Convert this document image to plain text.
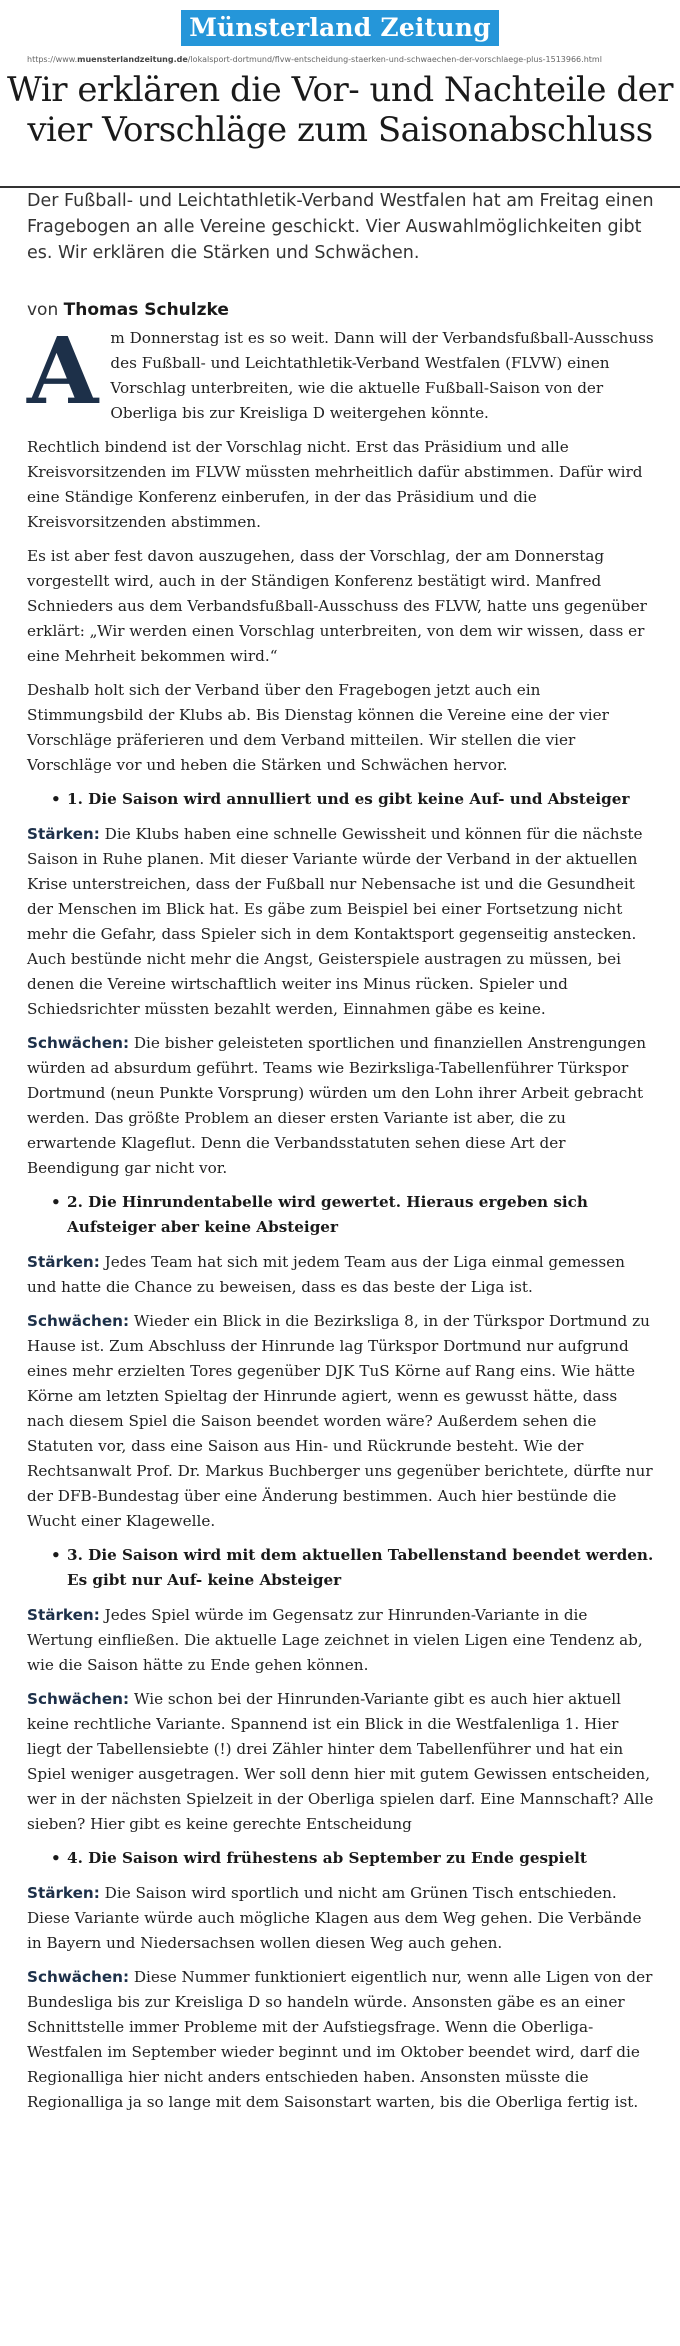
Münsterland Zeitung
https://www.muensterlandzeitung.de/lokalsport-dortmund/flvw-entscheidung-staerken-und-schwaechen-der-vorschlaege-plus-1513966.html
Wir erklären die Vor- und Nachteile der vier Vorschläge zum Saisonabschluss
Der Fußball- und Leichtathletik-Verband Westfalen hat am Freitag einen Fragebogen an alle Vereine geschickt. Vier Auswahlmöglichkeiten gibt es. Wir erklären die Stärken und Schwächen.
von Thomas Schulzke

Am Donnerstag ist es so weit. Dann will der Verbandsfußball-Ausschuss des Fußball- und Leichtathletik-Verband Westfalen (FLVW) einen Vorschlag unterbreiten, wie die aktuelle Fußball-Saison von der Oberliga bis zur Kreisliga D weitergehen könnte.

Rechtlich bindend ist der Vorschlag nicht. Erst das Präsidium und alle Kreisvorsitzenden im FLVW müssten mehrheitlich dafür abstimmen. Dafür wird eine Ständige Konferenz einberufen, in der das Präsidium und die Kreisvorsitzenden abstimmen.

Es ist aber fest davon auszugehen, dass der Vorschlag, der am Donnerstag vorgestellt wird, auch in der Ständigen Konferenz bestätigt wird. Manfred Schnieders aus dem Verbandsfußball-Ausschuss des FLVW, hatte uns gegenüber erklärt: „Wir werden einen Vorschlag unterbreiten, von dem wir wissen, dass er eine Mehrheit bekommen wird.“

Deshalb holt sich der Verband über den Fragebogen jetzt auch ein Stimmungsbild der Klubs ab. Bis Dienstag können die Vereine eine der vier Vorschläge präferieren und dem Verband mitteilen. Wir stellen die vier Vorschläge vor und heben die Stärken und Schwächen hervor.

• 1. Die Saison wird annulliert und es gibt keine Auf- und Absteiger

Stärken: Die Klubs haben eine schnelle Gewissheit und können für die nächste Saison in Ruhe planen. Mit dieser Variante würde der Verband in der aktuellen Krise unterstreichen, dass der Fußball nur Nebensache ist und die Gesundheit der Menschen im Blick hat. Es gäbe zum Beispiel bei einer Fortsetzung nicht mehr die Gefahr, dass Spieler sich in dem Kontaktsport gegenseitig anstecken. Auch bestünde nicht mehr die Angst, Geisterspiele austragen zu müssen, bei denen die Vereine wirtschaftlich weiter ins Minus rücken. Spieler und Schiedsrichter müssten bezahlt werden, Einnahmen gäbe es keine.

Schwächen: Die bisher geleisteten sportlichen und finanziellen Anstrengungen würden ad absurdum geführt. Teams wie Bezirksliga-Tabellenführer Türkspor Dortmund (neun Punkte Vorsprung) würden um den Lohn ihrer Arbeit gebracht werden. Das größte Problem an dieser ersten Variante ist aber, die zu erwartende Klageflut. Denn die Verbandsstatuten sehen diese Art der Beendigung gar nicht vor.

• 2. Die Hinrundentabelle wird gewertet. Hieraus ergeben sich Aufsteiger aber keine Absteiger

Stärken: Jedes Team hat sich mit jedem Team aus der Liga einmal gemessen und hatte die Chance zu beweisen, dass es das beste der Liga ist.

Schwächen: Wieder ein Blick in die Bezirksliga 8, in der Türkspor Dortmund zu Hause ist. Zum Abschluss der Hinrunde lag Türkspor Dortmund nur aufgrund eines mehr erzielten Tores gegenüber DJK TuS Körne auf Rang eins. Wie hätte Körne am letzten Spieltag der Hinrunde agiert, wenn es gewusst hätte, dass nach diesem Spiel die Saison beendet worden wäre? Außerdem sehen die Statuten vor, dass eine Saison aus Hin- und Rückrunde besteht. Wie der Rechtsanwalt Prof. Dr. Markus Buchberger uns gegenüber berichtete, dürfte nur der DFB-Bundestag über eine Änderung bestimmen. Auch hier bestünde die Wucht einer Klagewelle.

• 3. Die Saison wird mit dem aktuellen Tabellenstand beendet werden. Es gibt nur Auf- keine Absteiger

Stärken: Jedes Spiel würde im Gegensatz zur Hinrunden-Variante in die Wertung einfließen. Die aktuelle Lage zeichnet in vielen Ligen eine Tendenz ab, wie die Saison hätte zu Ende gehen können.

Schwächen: Wie schon bei der Hinrunden-Variante gibt es auch hier aktuell keine rechtliche Variante. Spannend ist ein Blick in die Westfalenliga 1. Hier liegt der Tabellensiebte (!) drei Zähler hinter dem Tabellenführer und hat ein Spiel weniger ausgetragen. Wer soll denn hier mit gutem Gewissen entscheiden, wer in der nächsten Spielzeit in der Oberliga spielen darf. Eine Mannschaft? Alle sieben? Hier gibt es keine gerechte Entscheidung

• 4. Die Saison wird frühestens ab September zu Ende gespielt

Stärken: Die Saison wird sportlich und nicht am Grünen Tisch entschieden. Diese Variante würde auch mögliche Klagen aus dem Weg gehen. Die Verbände in Bayern und Niedersachsen wollen diesen Weg auch gehen.

Schwächen: Diese Nummer funktioniert eigentlich nur, wenn alle Ligen von der Bundesliga bis zur Kreisliga D so handeln würde. Ansonsten gäbe es an einer Schnittstelle immer Probleme mit der Aufstiegsfrage. Wenn die Oberliga-Westfalen im September wieder beginnt und im Oktober beendet wird, darf die Regionalliga hier nicht anders entschieden haben. Ansonsten müsste die Regionalliga ja so lange mit dem Saisonstart warten, bis die Oberliga fertig ist.
